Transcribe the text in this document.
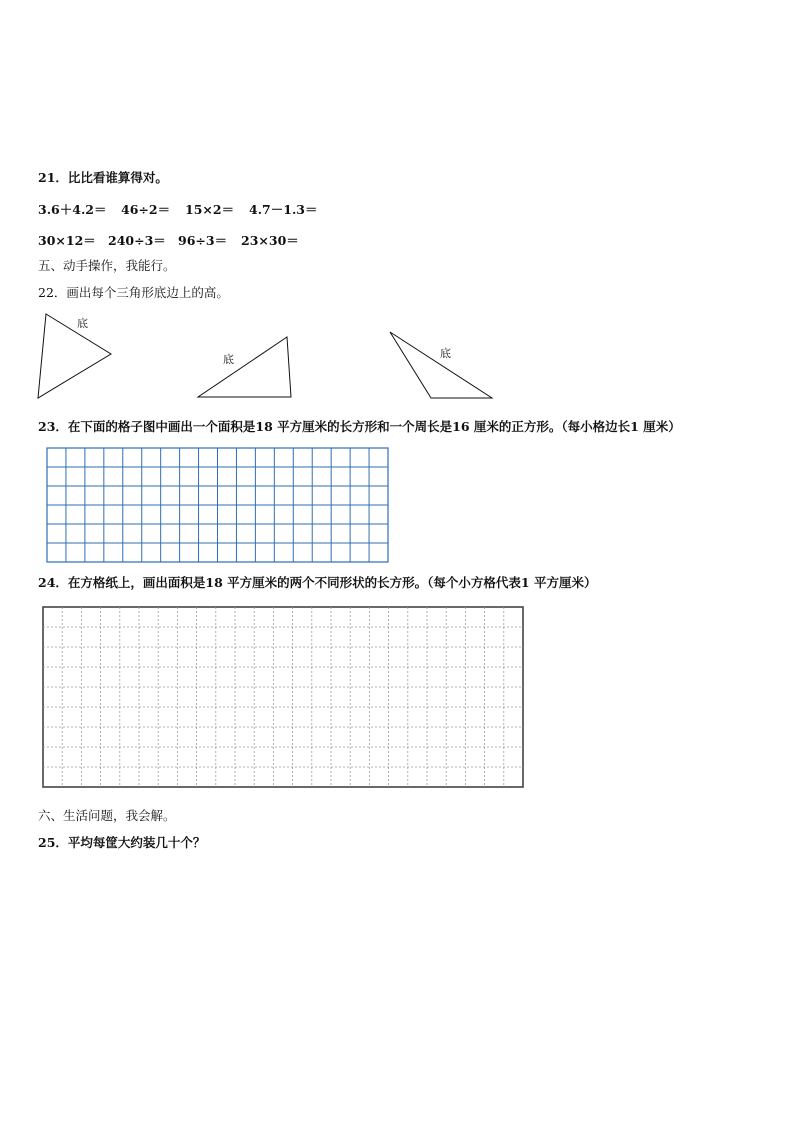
21．比比看谁算得对。
3.6＋4.2＝ 46÷2＝ 15×2＝ 4.7－1.3＝
30×12＝ 240÷3＝ 96÷3＝ 23×30＝
五、动手操作，我能行。
22．画出每个三角形底边上的高。
底
底	底
23．在下面的格子图中画出一个面积是18 平方厘米的长方形和一个周长是16 厘米的正方形。（每小格边长1 厘米）
24．在方格纸上，画出面积是18 平方厘米的两个不同形状的长方形。（每个小方格代表1 平方厘米）
六、生活问题，我会解。
25．平均每筐大约装几十个？
